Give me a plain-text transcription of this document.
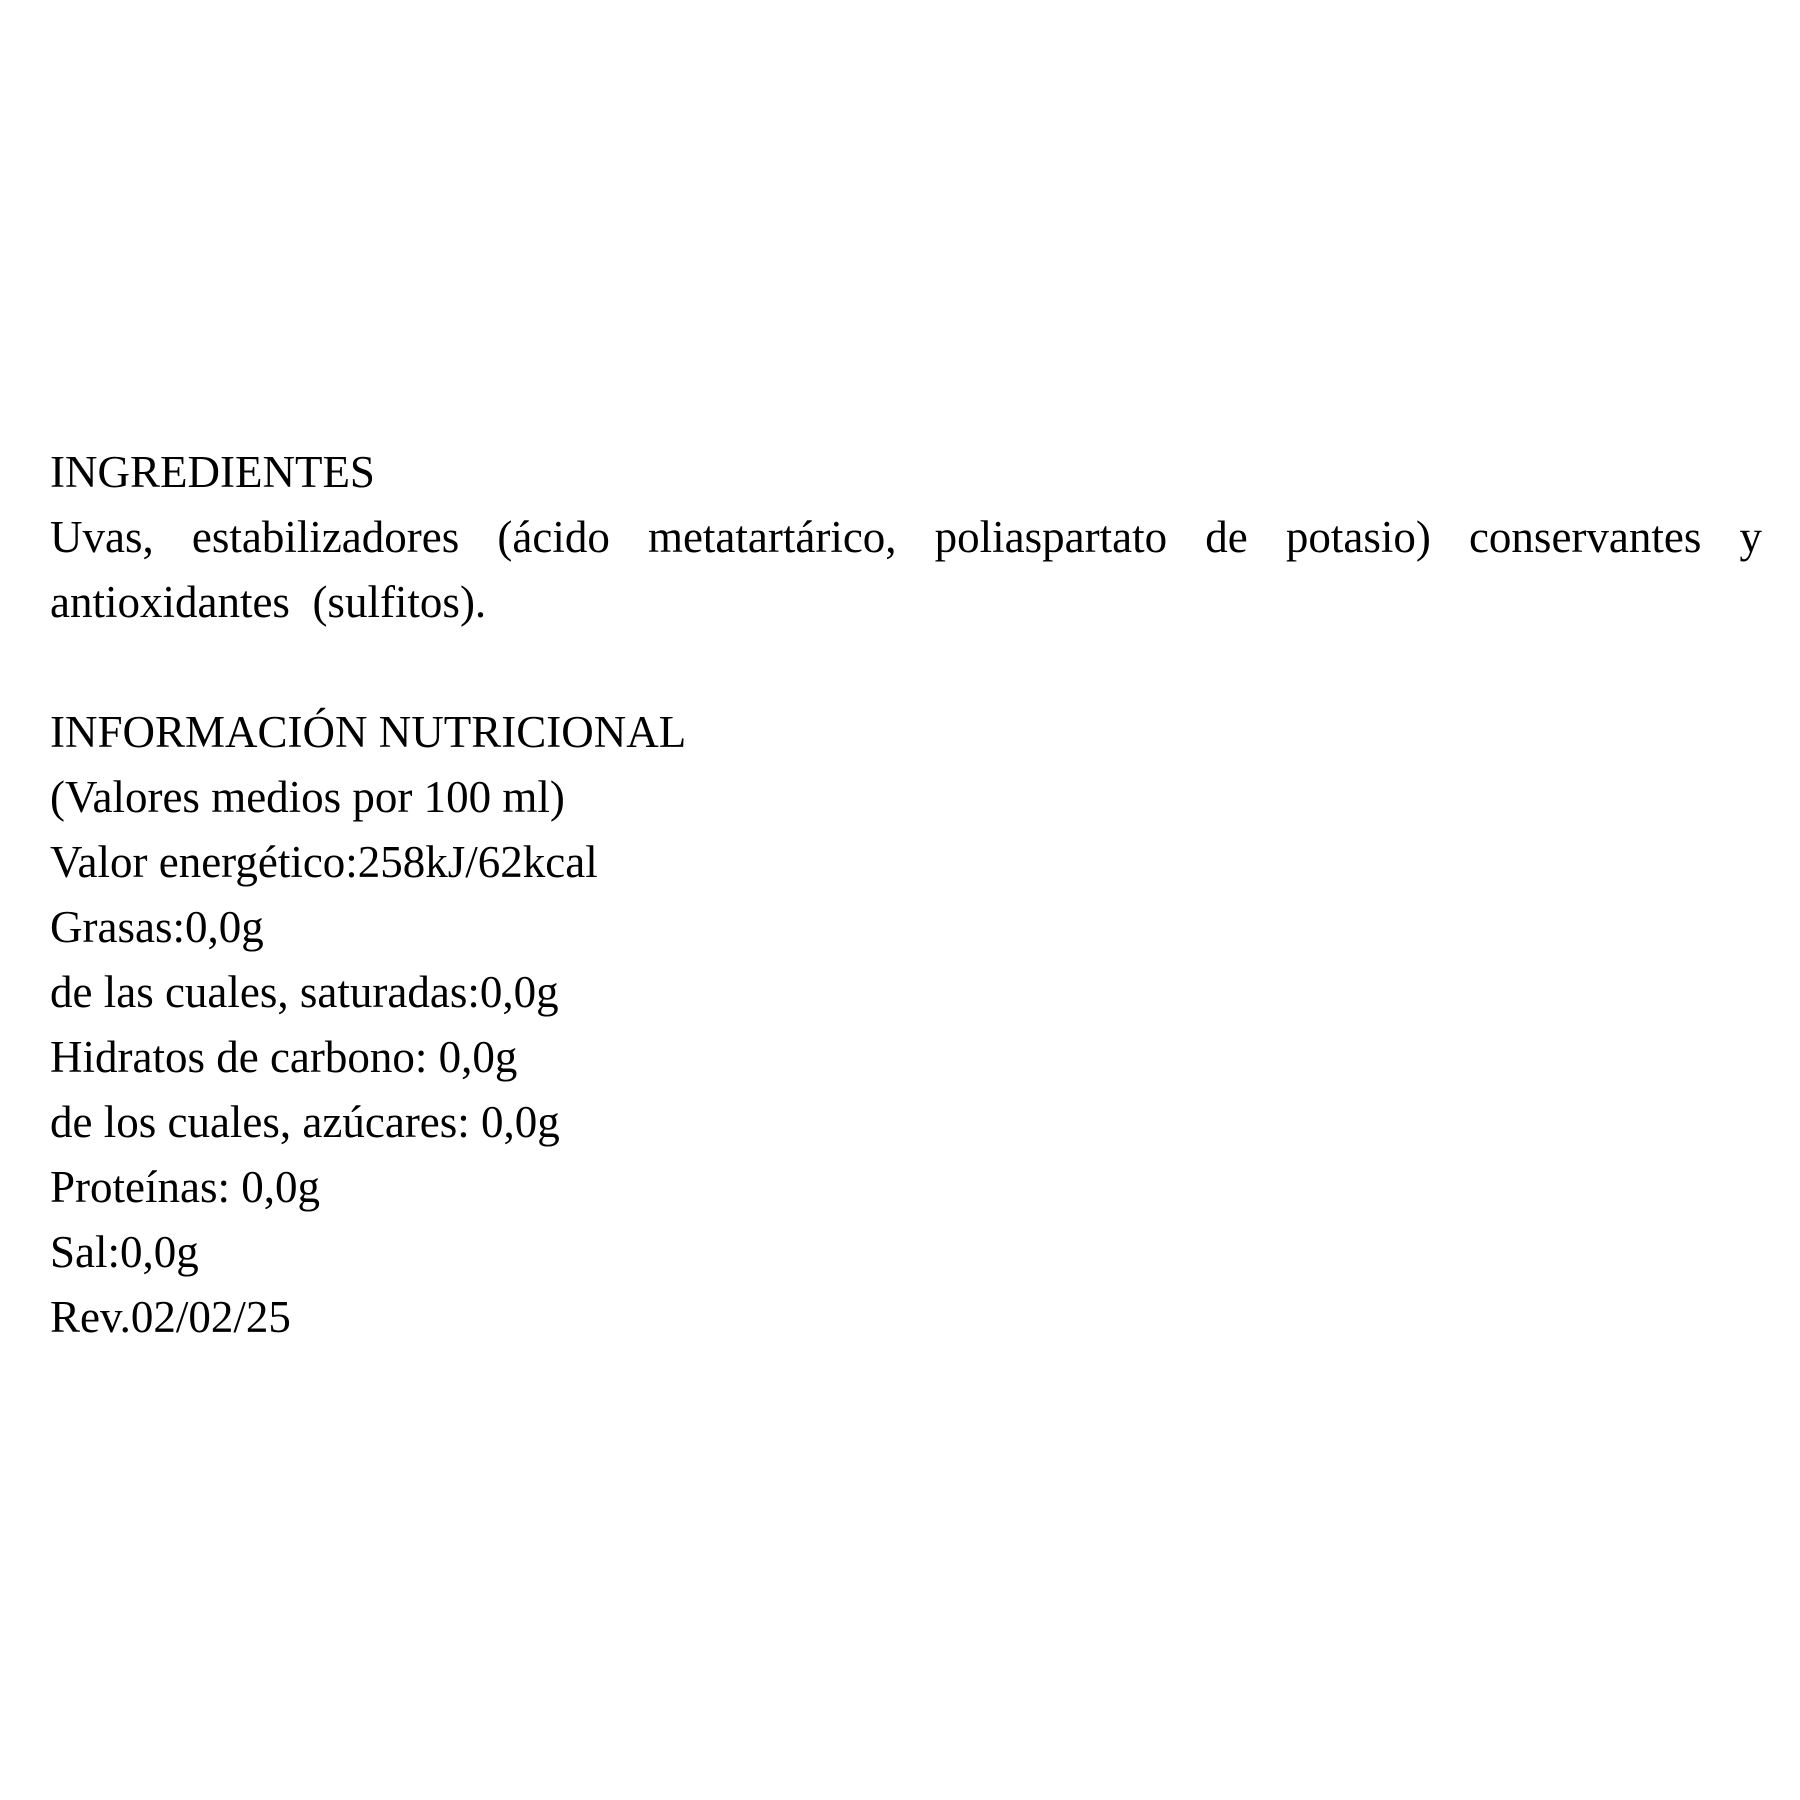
INGREDIENTES
Uvas, estabilizadores (ácido metatartárico, poliaspartato de potasio) conservantes y antioxidantes  (sulfitos).
INFORMACIÓN NUTRICIONAL
(Valores medios por 100 ml)
Valor energético:258kJ/62kcal
Grasas:0,0g
de las cuales, saturadas:0,0g
Hidratos de carbono: 0,0g
de los cuales, azúcares: 0,0g
Proteínas: 0,0g
Sal:0,0g
Rev.02/02/25
